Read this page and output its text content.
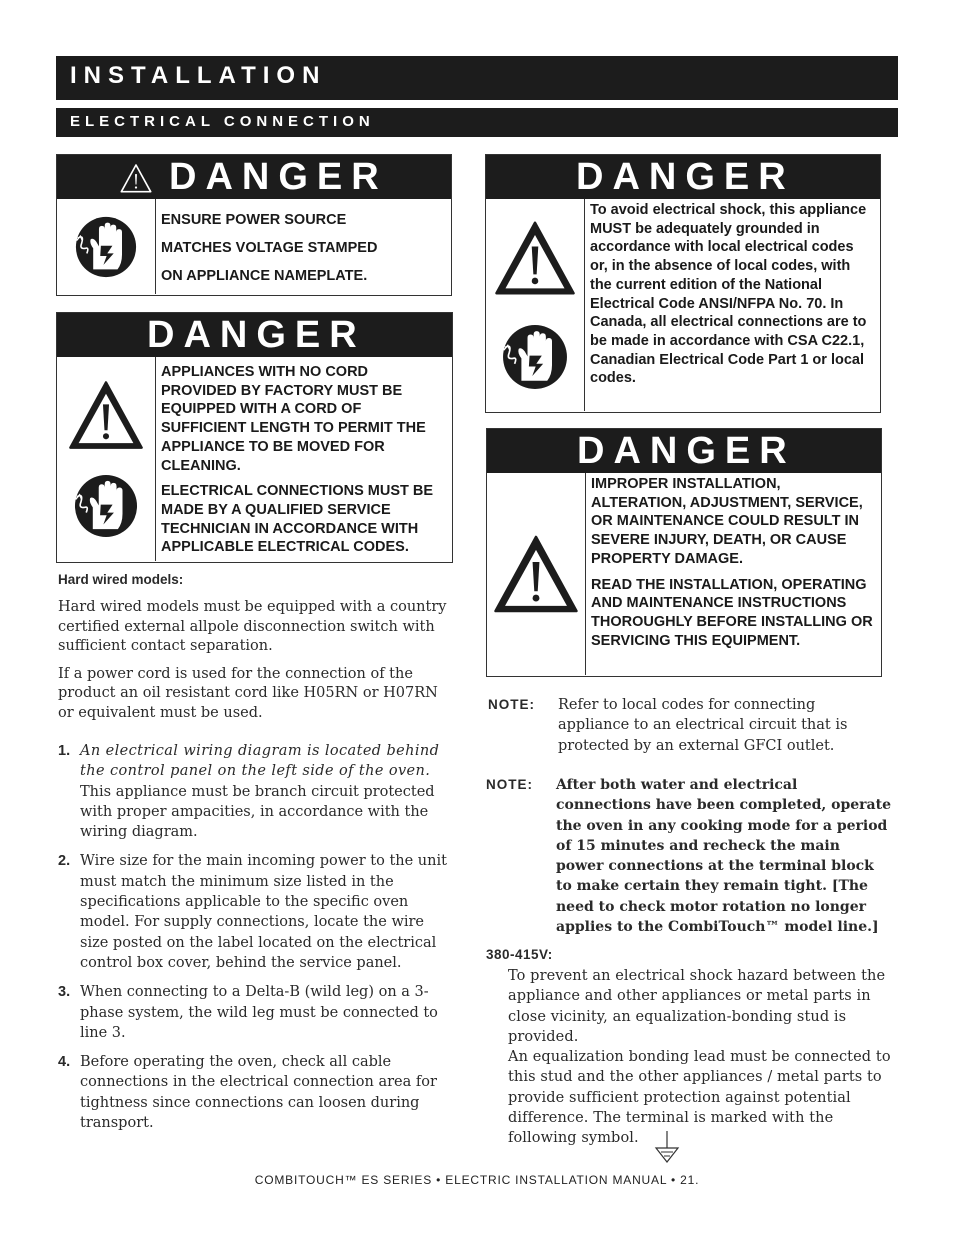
INSTALLATION
ELECTRICAL CONNECTION
DANGER
ENSURE POWER SOURCE
MATCHES VOLTAGE STAMPED
ON APPLIANCE NAMEPLATE.
DANGER

APPLIANCES WITH NO CORD PROVIDED BY FACTORY MUST BE EQUIPPED WITH A CORD OF SUFFICIENT LENGTH TO PERMIT THE APPLIANCE TO BE MOVED FOR CLEANING.

ELECTRICAL CONNECTIONS MUST BE MADE BY A QUALIFIED SERVICE TECHNICIAN IN ACCORDANCE WITH APPLICABLE ELECTRICAL CODES.

DANGER

To avoid electrical shock, this appliance MUST be adequately grounded in accordance with local electrical codes or, in the absence of local codes, with the current edition of the National Electrical Code ANSI/NFPA No. 70. In Canada, all electrical connections are to be made in accordance with CSA C22.1, Canadian Electrical Code Part 1 or local codes.

DANGER

IMPROPER INSTALLATION, ALTERATION, ADJUSTMENT, SERVICE, OR MAINTENANCE COULD RESULT IN SEVERE INJURY, DEATH, OR CAUSE PROPERTY DAMAGE.

READ THE INSTALLATION, OPERATING AND MAINTENANCE INSTRUCTIONS THOROUGHLY BEFORE INSTALLING OR SERVICING THIS EQUIPMENT.

Hard wired models:

Hard wired models must be equipped with a country certified external allpole disconnection switch with sufficient contact separation.

If a power cord is used for the connection of the product an oil resistant cord like H05RN or H07RN or equivalent must be used.

1. An electrical wiring diagram is located behind the control panel on the left side of the oven. This appliance must be branch circuit protected with proper ampacities, in accordance with the wiring diagram.
2. Wire size for the main incoming power to the unit must match the minimum size listed in the specifications applicable to the specific oven model. For supply connections, locate the wire size posted on the label located on the electrical control box cover, behind the service panel.
3. When connecting to a Delta-B (wild leg) on a 3-phase system, the wild leg must be connected to line 3.
4. Before operating the oven, check all cable connections in the electrical connection area for tightness since connections can loosen during transport.
NOTE: Refer to local codes for connecting appliance to an electrical circuit that is protected by an external GFCI outlet.
NOTE: After both water and electrical connections have been completed, operate the oven in any cooking mode for a period of 15 minutes and recheck the main power connections at the terminal block to make certain they remain tight. [The need to check motor rotation no longer applies to the CombiTouch™ model line.]
380-415V:

To prevent an electrical shock hazard between the appliance and other appliances or metal parts in close vicinity, an equalization-bonding stud is provided.

An equalization bonding lead must be connected to this stud and the other appliances / metal parts to provide sufficient protection against potential difference. The terminal is marked with the following symbol.

COMBITOUCH™ ES SERIES • ELECTRIC INSTALLATION MANUAL • 21.
